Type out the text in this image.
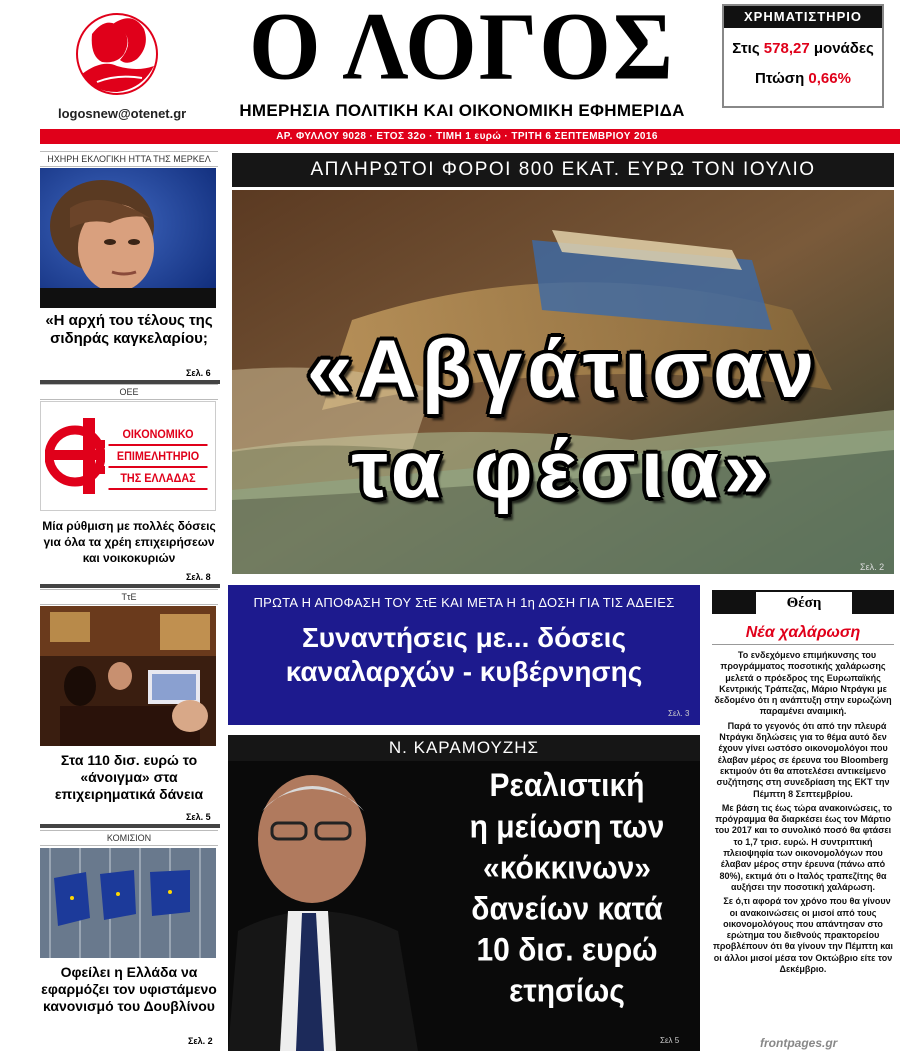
logosnew@otenet.gr
Ο ΛΟΓΟΣ
ΗΜΕΡΗΣΙΑ ΠΟΛΙΤΙΚΗ ΚΑΙ ΟΙΚΟΝΟΜΙΚΗ ΕΦΗΜΕΡΙΔΑ
ΧΡΗΜΑΤΙΣΤΗΡΙΟ
Στις 578,27 μονάδες
Πτώση 0,66%
ΑΡ. ΦΥΛΛΟΥ 9028 · ΕΤΟΣ 32ο · ΤΙΜΗ 1 ευρώ · ΤΡΙΤΗ 6 ΣΕΠΤΕΜΒΡΙΟΥ 2016
ΗΧΗΡΗ ΕΚΛΟΓΙΚΗ ΗΤΤΑ ΤΗΣ ΜΕΡΚΕΛ
«Η αρχή του τέλους της σιδηράς καγκελαρίου;
Σελ. 6
ΟΕΕ
ΟΙΚΟΝΟΜΙΚΟ
ΕΠΙΜΕΛΗΤΗΡΙΟ
ΤΗΣ ΕΛΛΑΔΑΣ
Μία ρύθμιση με πολλές δόσεις για όλα τα χρέη επιχειρήσεων και νοικοκυριών
Σελ. 8
ΤτΕ
Στα 110 δισ. ευρώ το «άνοιγμα» στα επιχειρηματικά δάνεια
Σελ. 5
ΚΟΜΙΣΙΟΝ
Οφείλει η Ελλάδα να εφαρμόζει τον υφιστάμενο κανονισμό του Δουβλίνου
Σελ. 2
ΑΠΛΗΡΩΤΟΙ ΦΟΡΟΙ 800 ΕΚΑΤ. ΕΥΡΩ ΤΟΝ ΙΟΥΛΙΟ
«Αβγάτισαν
τα φέσια»
Σελ. 2
ΠΡΩΤΑ Η ΑΠΟΦΑΣΗ ΤΟΥ ΣτΕ ΚΑΙ ΜΕΤΑ Η 1η ΔΟΣΗ ΓΙΑ ΤΙΣ ΑΔΕΙΕΣ
Συναντήσεις με... δόσεις
καναλαρχών - κυβέρνησης
Σελ. 3
Ν. ΚΑΡΑΜΟΥΖΗΣ
Ρεαλιστική
η μείωση των
«κόκκινων»
δανείων κατά
10 δισ. ευρώ
ετησίως
Σελ 5
Θέση
Νέα χαλάρωση

Το ενδεχόμενο επιμήκυνσης του προγράμματος ποσοτικής χαλάρωσης μελετά ο πρόεδρος της Ευρωπαϊκής Κεντρικής Τράπεζας, Μάριο Ντράγκι με δεδομένο ότι η ανάπτυξη στην ευρωζώνη παραμένει αναιμική.

Παρά το γεγονός ότι από την πλευρά Ντράγκι δηλώσεις για το θέμα αυτό δεν έχουν γίνει ωστόσο οικονομολόγοι που έλαβαν μέρος σε έρευνα του Bloomberg εκτιμούν ότι θα αποτελέσει αντικείμενο συζήτησης στη συνεδρίαση της ΕΚΤ την Πέμπτη 8 Σεπτεμβρίου.

Με βάση τις έως τώρα ανακοινώσεις, το πρόγραμμα θα διαρκέσει έως τον Μάρτιο του 2017 και το συνολικό ποσό θα φτάσει το 1,7 τρισ. ευρώ. Η συντριπτική πλειοψηφία των οικονομολόγων που έλαβαν μέρος στην έρευνα (πάνω από 80%), εκτιμά ότι ο Ιταλός τραπεζίτης θα αυξήσει την ποσοτική χαλάρωση.

Σε ό,τι αφορά τον χρόνο που θα γίνουν οι ανακοινώσεις οι μισοί από τους οικονομολόγους που απάντησαν στο ερώτημα του διεθνούς πρακτορείου προβλέπουν ότι θα γίνουν την Πέμπτη και οι άλλοι μισοί μέσα τον Οκτώβριο είτε τον Δεκέμβριο.

frontpages.gr
